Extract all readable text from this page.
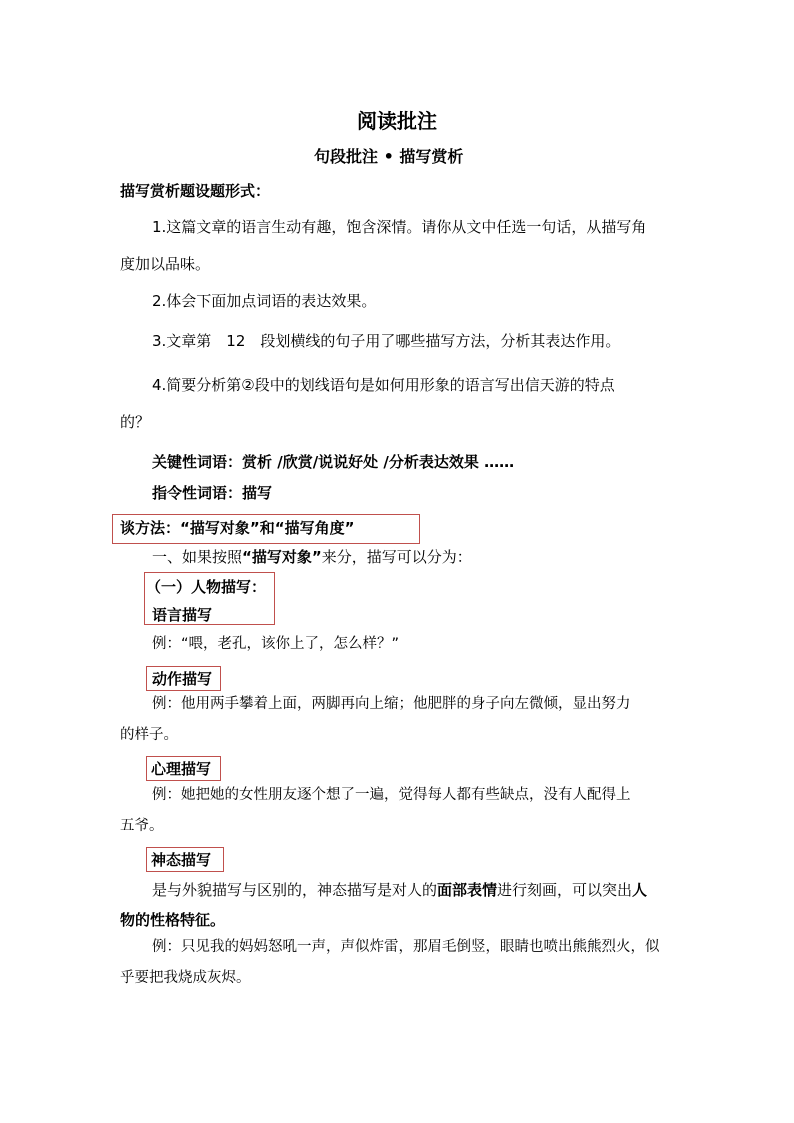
阅读批注
句段批注 • 描写赏析
描写赏析题设题形式：
1.这篇文章的语言生动有趣，饱含深情。请你从文中任选一句话，从描写角
度加以品味。
2.体会下面加点词语的表达效果。
3.文章第　12　段划横线的句子用了哪些描写方法，分析其表达作用。
4.简要分析第②段中的划线语句是如何用形象的语言写出信天游的特点
的？
关键性词语：赏析 /欣赏/说说好处 /分析表达效果 ……
指令性词语：描写
谈方法：“描写对象”和“描写角度”
一、如果按照“描写对象”来分，描写可以分为：
（一）人物描写：
语言描写
例：“喂，老孔，该你上了，怎么样？”
动作描写
例：他用两手攀着上面，两脚再向上缩；他肥胖的身子向左微倾，显出努力
的样子。
心理描写
例：她把她的女性朋友逐个想了一遍，觉得每人都有些缺点，没有人配得上
五爷。
神态描写
是与外貌描写与区别的，神态描写是对人的面部表情进行刻画，可以突出人
物的性格特征。
例：只见我的妈妈怒吼一声，声似炸雷，那眉毛倒竖，眼睛也喷出熊熊烈火，似
乎要把我烧成灰烬。
